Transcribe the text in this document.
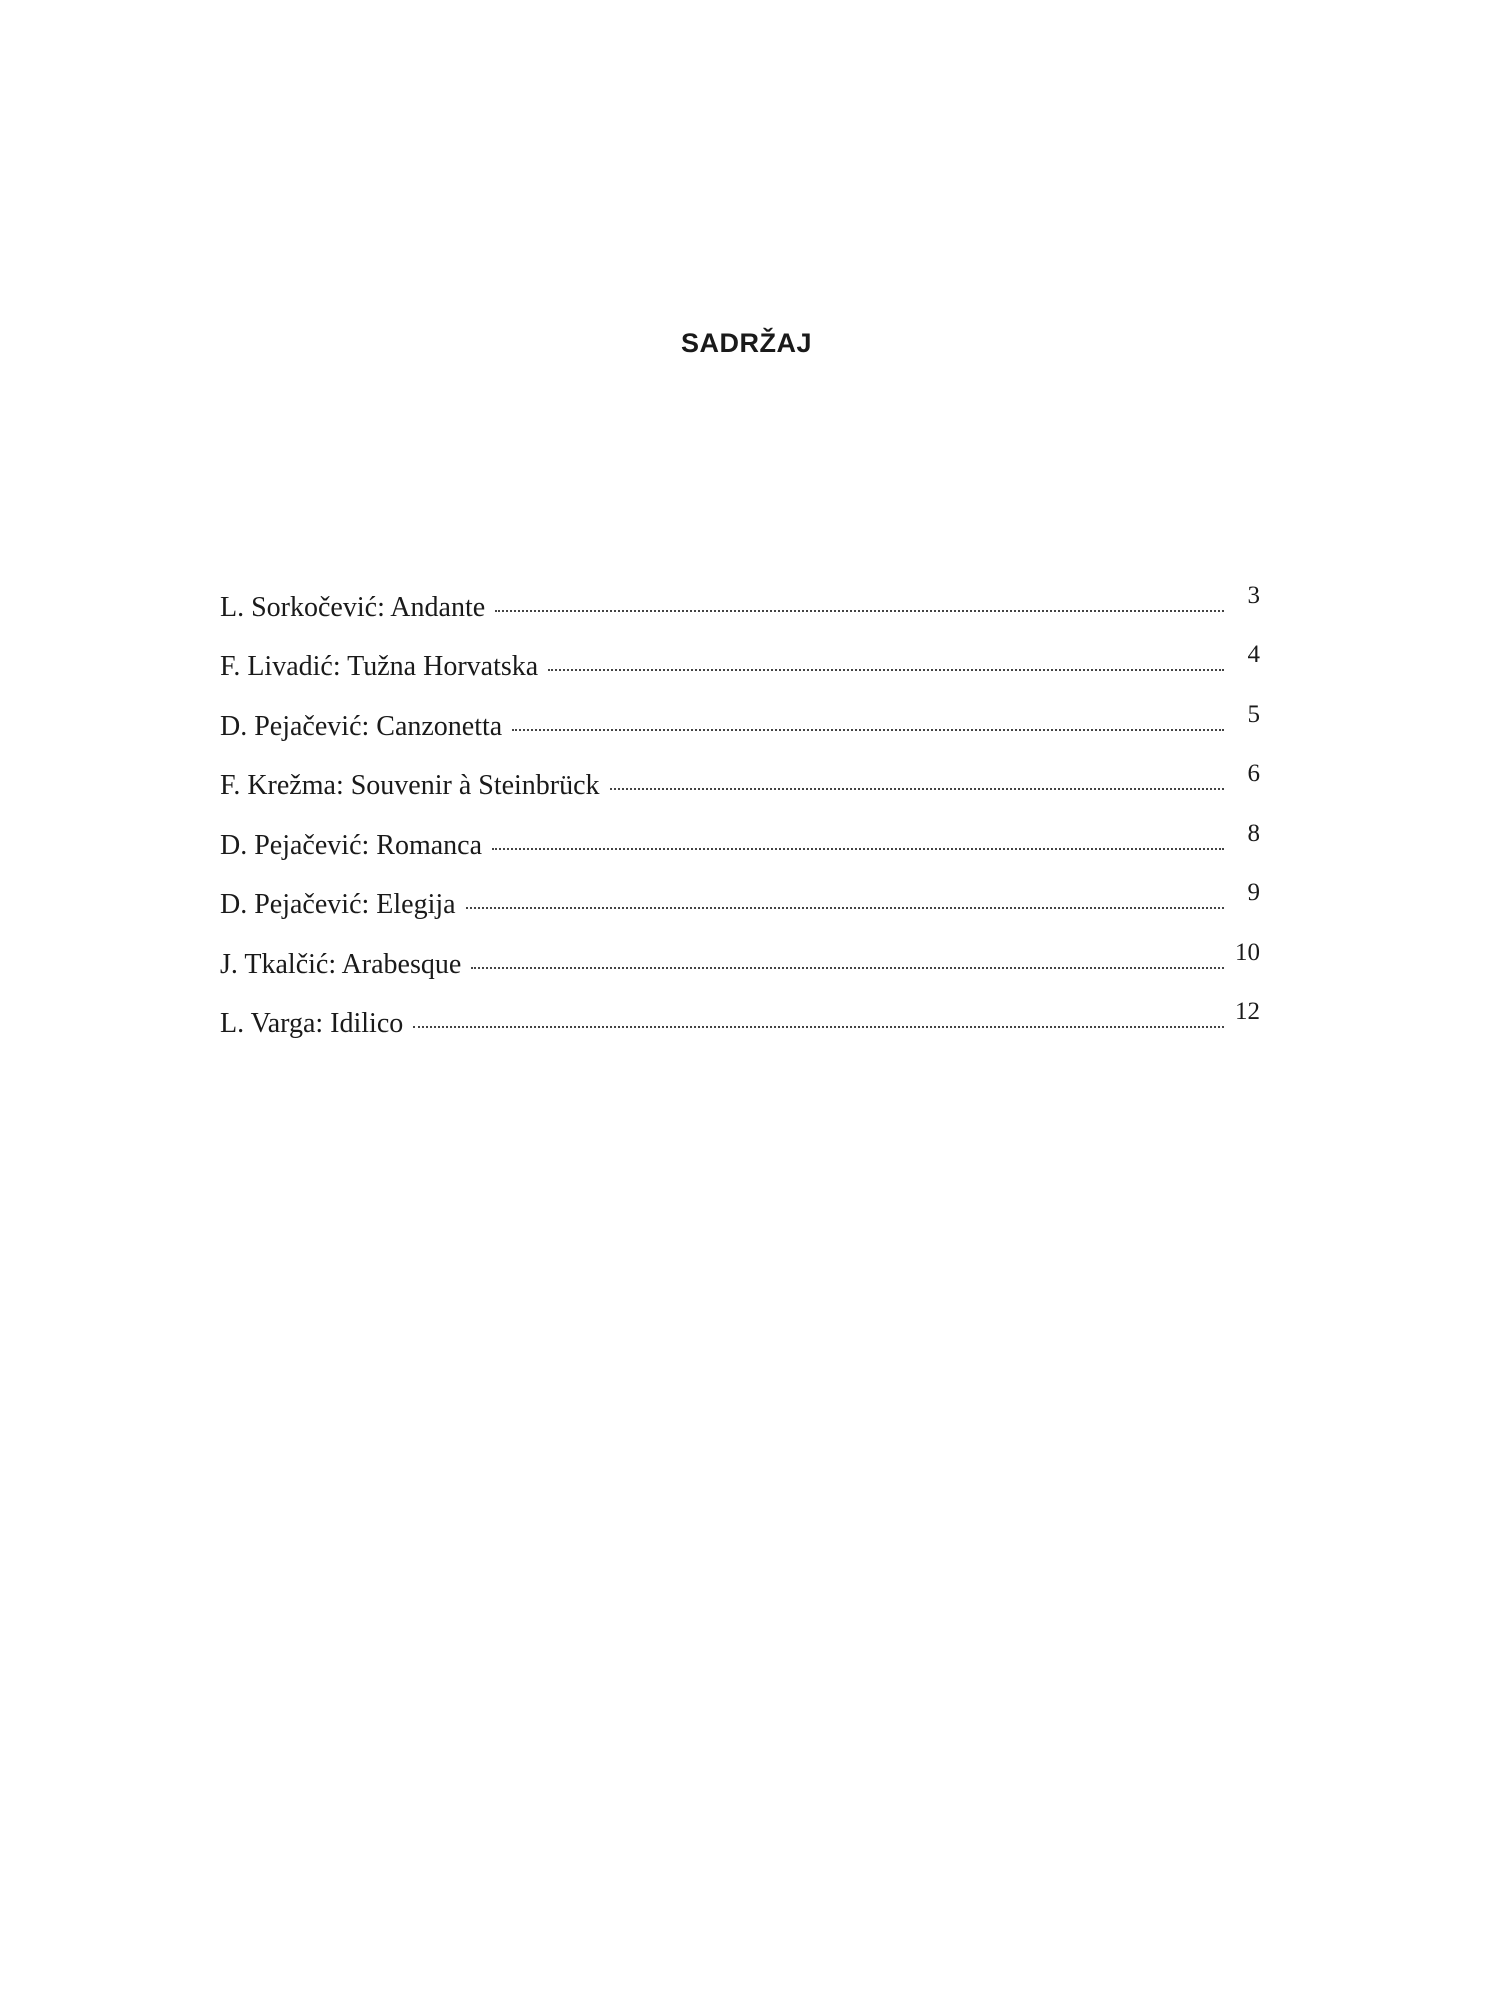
SADRŽAJ
L. Sorkočević: Andante	3
F. Livadić: Tužna Horvatska	4
D. Pejačević: Canzonetta	5
F. Krežma: Souvenir à Steinbrück	6
D. Pejačević: Romanca	8
D. Pejačević: Elegija	9
J. Tkalčić: Arabesque	10
L. Varga: Idilico	12
